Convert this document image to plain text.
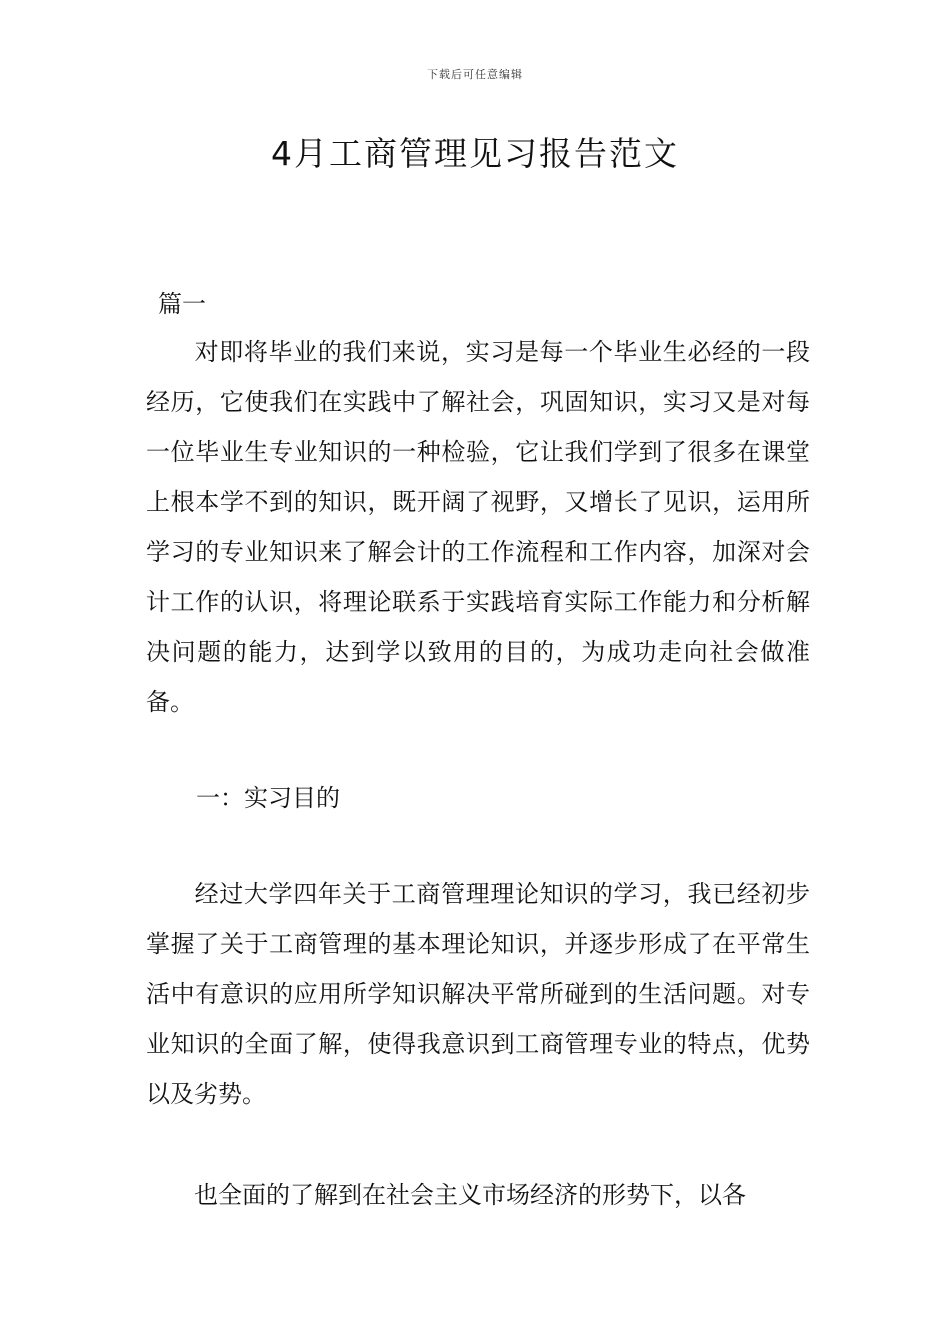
下载后可任意编辑
4月工商管理见习报告范文
篇一

对即将毕业的我们来说，实习是每一个毕业生必经的一段经历，它使我们在实践中了解社会，巩固知识，实习又是对每一位毕业生专业知识的一种检验，它让我们学到了很多在课堂上根本学不到的知识，既开阔了视野，又增长了见识，运用所学习的专业知识来了解会计的工作流程和工作内容，加深对会计工作的认识，将理论联系于实践培育实际工作能力和分析解决问题的能力，达到学以致用的目的，为成功走向社会做准备。

一：实习目的

经过大学四年关于工商管理理论知识的学习，我已经初步掌握了关于工商管理的基本理论知识，并逐步形成了在平常生活中有意识的应用所学知识解决平常所碰到的生活问题。对专业知识的全面了解，使得我意识到工商管理专业的特点，优势以及劣势。

也全面的了解到在社会主义市场经济的形势下，以各
